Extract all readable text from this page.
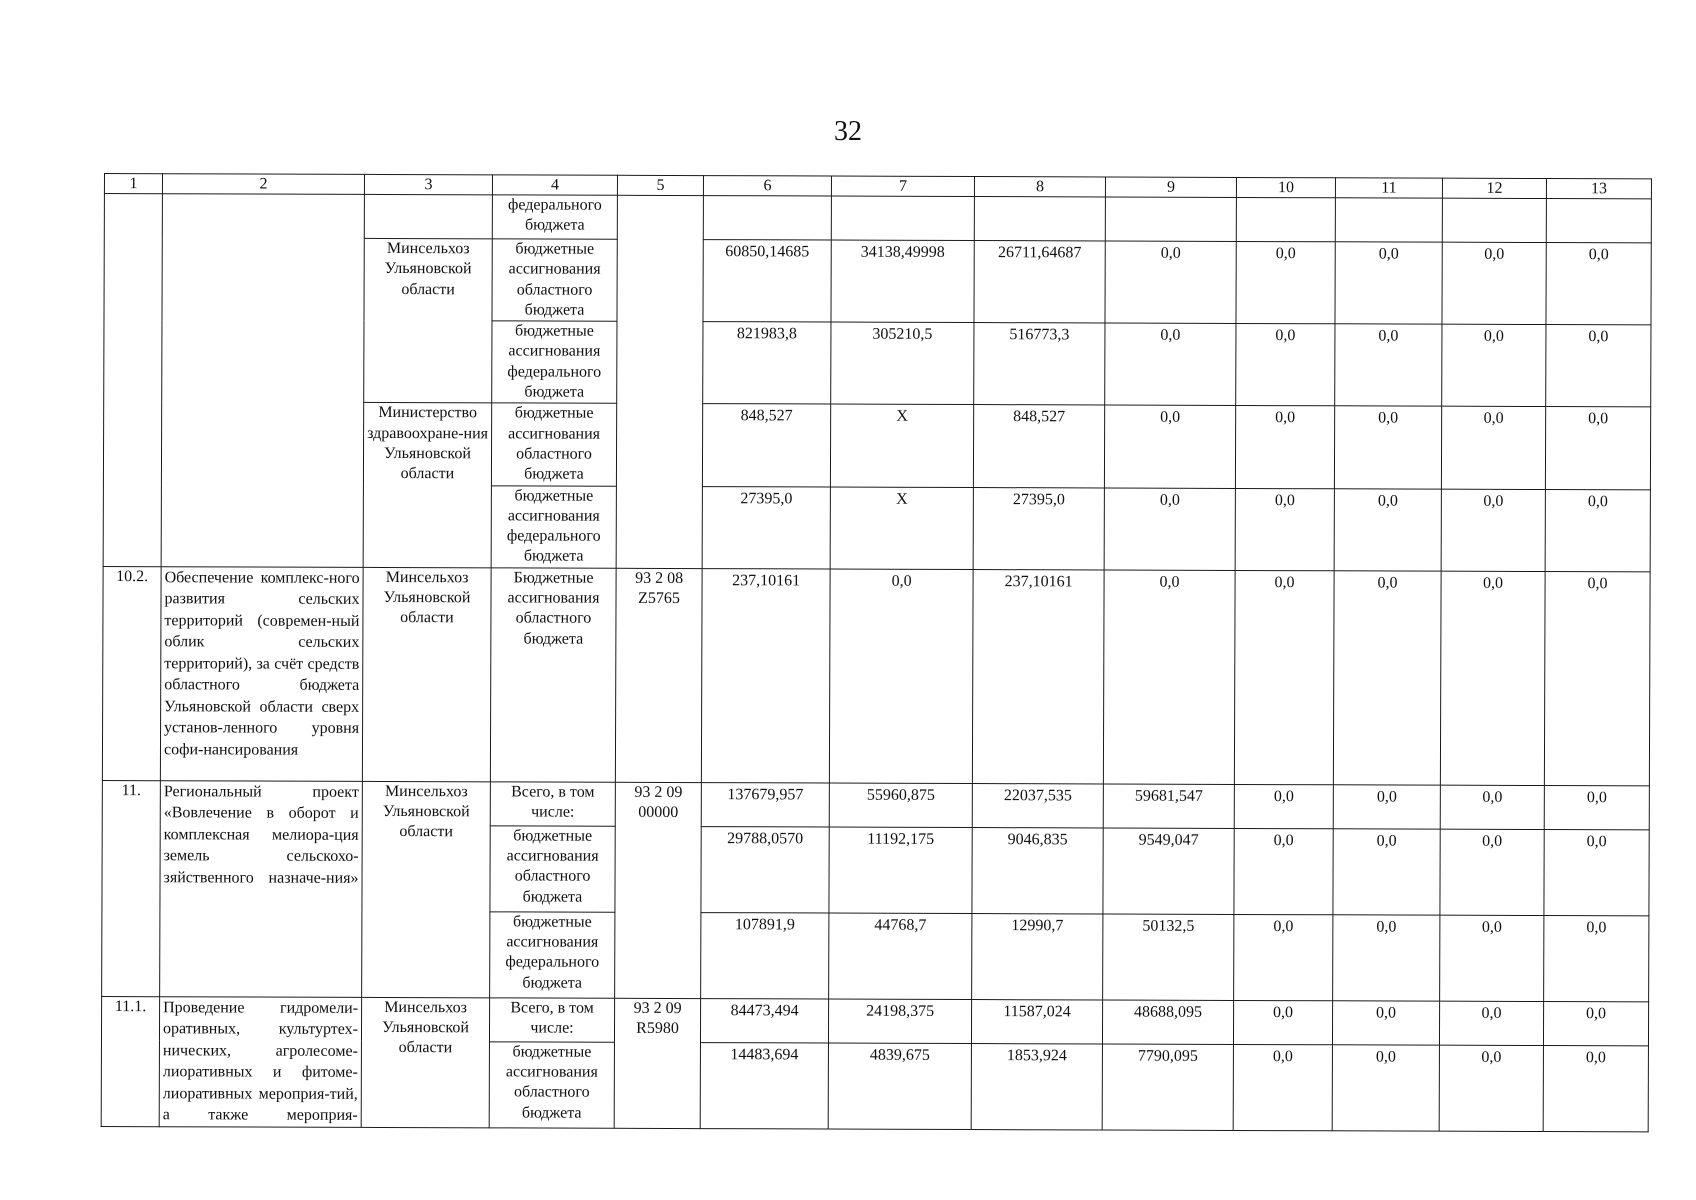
32
1	2	3	4	5	6	7	8	9	10	11	12	13
			федерального бюджета									
		Минсельхоз Ульяновской области	бюджетные ассигнования областного бюджета		60850,14685	34138,49998	26711,64687	0,0	0,0	0,0	0,0	0,0
			бюджетные ассигнования федерального бюджета		821983,8	305210,5	516773,3	0,0	0,0	0,0	0,0	0,0
		Министерство здравоохране-ния Ульяновской области	бюджетные ассигнования областного бюджета		848,527	X	848,527	0,0	0,0	0,0	0,0	0,0
			бюджетные ассигнования федерального бюджета		27395,0	X	27395,0	0,0	0,0	0,0	0,0	0,0
10.2.	Обеспечение комплекс-ного развития сельских территорий (современ-ный облик сельских территорий), за счёт средств областного бюджета Ульяновской области сверх установ-ленного уровня софи-нансирования	Минсельхоз Ульяновской области	Бюджетные ассигнования областного бюджета	93 2 08 Z5765	237,10161	0,0	237,10161	0,0	0,0	0,0	0,0	0,0
11.	Региональный проект «Вовлечение в оборот и комплексная мелиора-ция земель сельскохо-зяйственного назначе-ния»	Минсельхоз Ульяновской области	Всего, в том числе:	93 2 09 00000	137679,957	55960,875	22037,535	59681,547	0,0	0,0	0,0	0,0
			бюджетные ассигнования областного бюджета		29788,0570	11192,175	9046,835	9549,047	0,0	0,0	0,0	0,0
			бюджетные ассигнования федерального бюджета		107891,9	44768,7	12990,7	50132,5	0,0	0,0	0,0	0,0
11.1.	Проведение гидромели-оративных, культуртех-нических, агролесоме-лиоративных и фитоме-лиоративных мероприя-тий, а также мероприя-	Минсельхоз Ульяновской области	Всего, в том числе:	93 2 09 R5980	84473,494	24198,375	11587,024	48688,095	0,0	0,0	0,0	0,0
			бюджетные ассигнования областного бюджета		14483,694	4839,675	1853,924	7790,095	0,0	0,0	0,0	0,0
